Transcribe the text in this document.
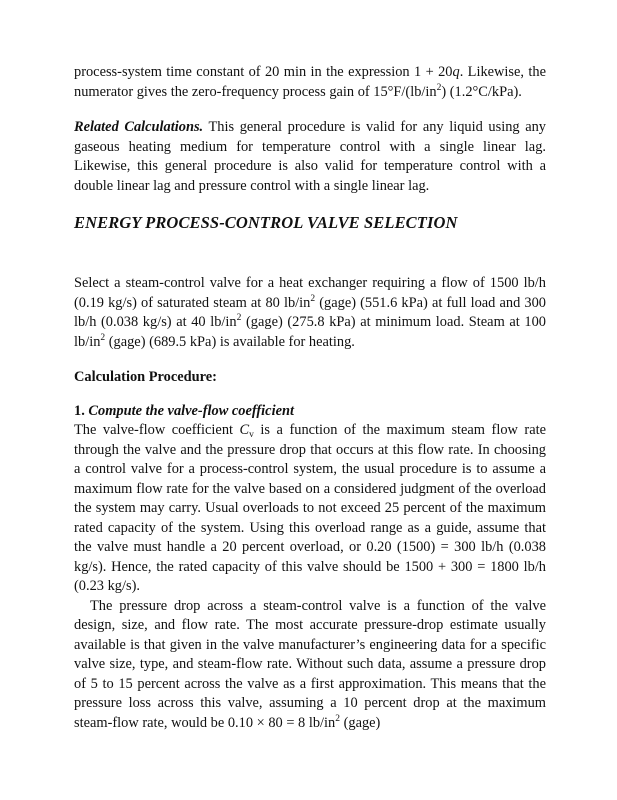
process-system time constant of 20 min in the expression 1 + 20q. Likewise, the numerator gives the zero-frequency process gain of $15^\circ F/(lb/in^2)$ (1.2°C/kPa).

Related Calculations. This general procedure is valid for any liquid using any gaseous heating medium for temperature control with a single linear lag. Likewise, this general procedure is also valid for temperature control with a double linear lag and pressure control with a single linear lag.

ENERGY PROCESS-CONTROL VALVE SELECTION

Select a steam-control valve for a heat exchanger requiring a flow of 1500 lb/h (0.19 kg/s) of saturated steam at 80 $lb/in^2$ (gage) (551.6 kPa) at full load and 300 lb/h (0.038 kg/s) at 40 $lb/in^2$ (gage) (275.8 kPa) at minimum load. Steam at 100 $lb/in^2$ (gage) (689.5 kPa) is available for heating.

Calculation Procedure:
1. Compute the valve-flow coefficient

The valve-flow coefficient $C_v$ is a function of the maximum steam flow rate through the valve and the pressure drop that occurs at this flow rate. In choosing a control valve for a process-control system, the usual procedure is to assume a maximum flow rate for the valve based on a considered judgment of the overload the system may carry. Usual overloads to not exceed 25 percent of the maximum rated capacity of the system. Using this overload range as a guide, assume that the valve must handle a 20 percent overload, or 0.20 (1500) = 300 lb/h (0.038 kg/s). Hence, the rated capacity of this valve should be 1500 + 300 = 1800 lb/h (0.23 kg/s).

The pressure drop across a steam-control valve is a function of the valve design, size, and flow rate. The most accurate pressure-drop estimate usually available is that given in the valve manufacturer’s engineering data for a specific valve size, type, and steam-flow rate. Without such data, assume a pressure drop of 5 to 15 percent across the valve as a first approximation. This means that the pressure loss across this valve, assuming a 10 percent drop at the maximum steam-flow rate, would be 0.10 × 80 = 8 $lb/in^2$ (gage)
